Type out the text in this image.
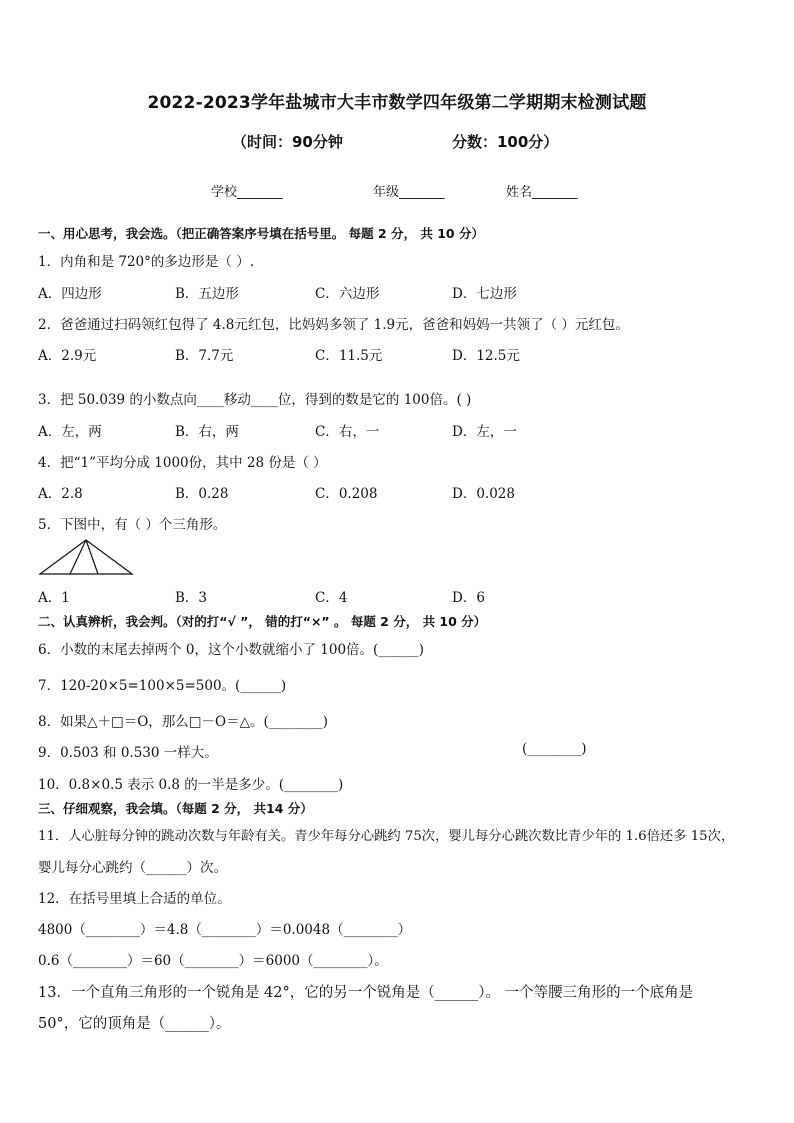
2022-2023学年盐城市大丰市数学四年级第二学期期末检测试题
（时间：90分钟	分数：100分）
学校_______	年级_______	姓名_______
一、用心思考，我会选。（把正确答案序号填在括号里。 每题 2 分， 共 10 分）
1．内角和是 720°的多边形是（ ）.
A．四边形	B．五边形	C．六边形	D．七边形
2．爸爸通过扫码领红包得了 4.8元红包，比妈妈多领了 1.9元，爸爸和妈妈一共领了（ ）元红包。
A．2.9元	B．7.7元	C．11.5元	D．12.5元
3．把 50.039 的小数点向____移动____位，得到的数是它的 100倍。( )
A．左，两	B．右，两	C．右，一	D．左，一
4．把“1”平均分成 1000份，其中 28 份是（ ）
A．2.8	B．0.28	C．0.208	D．0.028
5．下图中，有（ ）个三角形。
A．1	B．3	C．4	D．6
二、认真辨析，我会判。（对的打“√ ”， 错的打“×” 。 每题 2 分， 共 10 分）
6．小数的末尾去掉两个 0，这个小数就缩小了 100倍。(______)
7．120-20×5=100×5=500。(______)
8．如果△＋□＝O，那么□－O＝△。(________)
9．0.503 和 0.530 一样大。	(________)
10．0.8×0.5 表示 0.8 的一半是多少。(________)
三、仔细观察，我会填。（每题 2 分， 共14 分）
11．人心脏每分钟的跳动次数与年龄有关。青少年每分心跳约 75次，婴儿每分心跳次数比青少年的 1.6倍还多 15次，
婴儿每分心跳约（______）次。
12．在括号里填上合适的单位。
4800（________）＝4.8（________）＝0.0048（________）
0.6（________）＝60（________）＝6000（________）。
13．一个直角三角形的一个锐角是 42°，它的另一个锐角是（______）。 一个等腰三角形的一个底角是
50°，它的顶角是（______）。
